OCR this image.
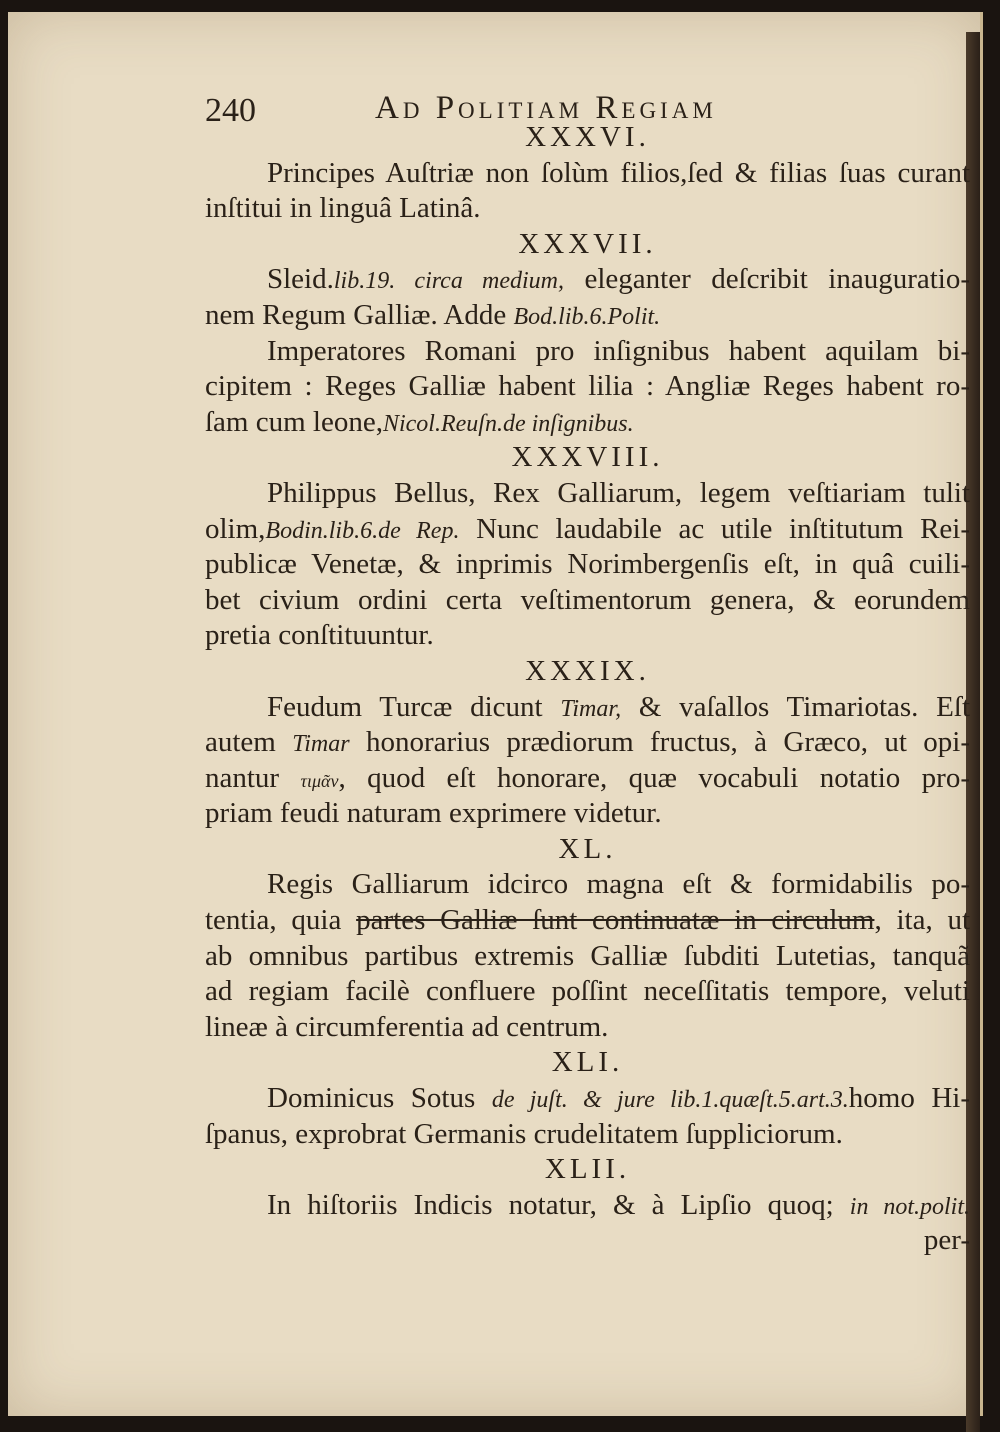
240	Ad Politiam Regiam
XXXVI.
Principes Auſtriæ non ſolùm filios,ſed & filias ſuas curant
inſtitui in linguâ Latinâ.
XXXVII.
Sleid.lib.19. circa medium, eleganter deſcribit inauguratio-
nem Regum Galliæ. Adde Bod.lib.6.Polit.
Imperatores Romani pro inſignibus habent aquilam bi-
cipitem : Reges Galliæ habent lilia : Angliæ Reges habent ro-
ſam cum leone,Nicol.Reuſn.de inſignibus.
XXXVIII.
Philippus Bellus, Rex Galliarum, legem veſtiariam tulit
olim,Bodin.lib.6.de Rep. Nunc laudabile ac utile inſtitutum Rei-
publicæ Venetæ, & inprimis Norimbergenſis eſt, in quâ cuili-
bet civium ordini certa veſtimentorum genera, & eorundem
pretia conſtituuntur.
XXXIX.
Feudum Turcæ dicunt Timar, & vaſallos Timariotas. Eſt
autem Timar honorarius prædiorum fructus, à Græco, ut opi-
nantur τιμᾶν, quod eſt honorare, quæ vocabuli notatio pro-
priam feudi naturam exprimere videtur.
XL.
Regis Galliarum idcirco magna eſt & formidabilis po-
tentia, quia partes Galliæ ſunt continuatæ in circulum, ita, ut
ab omnibus partibus extremis Galliæ ſubditi Lutetias, tanquã
ad regiam facilè confluere poſſint neceſſitatis tempore, veluti
lineæ à circumferentia ad centrum.
XLI.
Dominicus Sotus de juſt. & jure lib.1.quæſt.5.art.3.homo Hi-
ſpanus, exprobrat Germanis crudelitatem ſuppliciorum.
XLII.
In hiſtoriis Indicis notatur, & à Lipſio quoq; in not.polit.
per-
